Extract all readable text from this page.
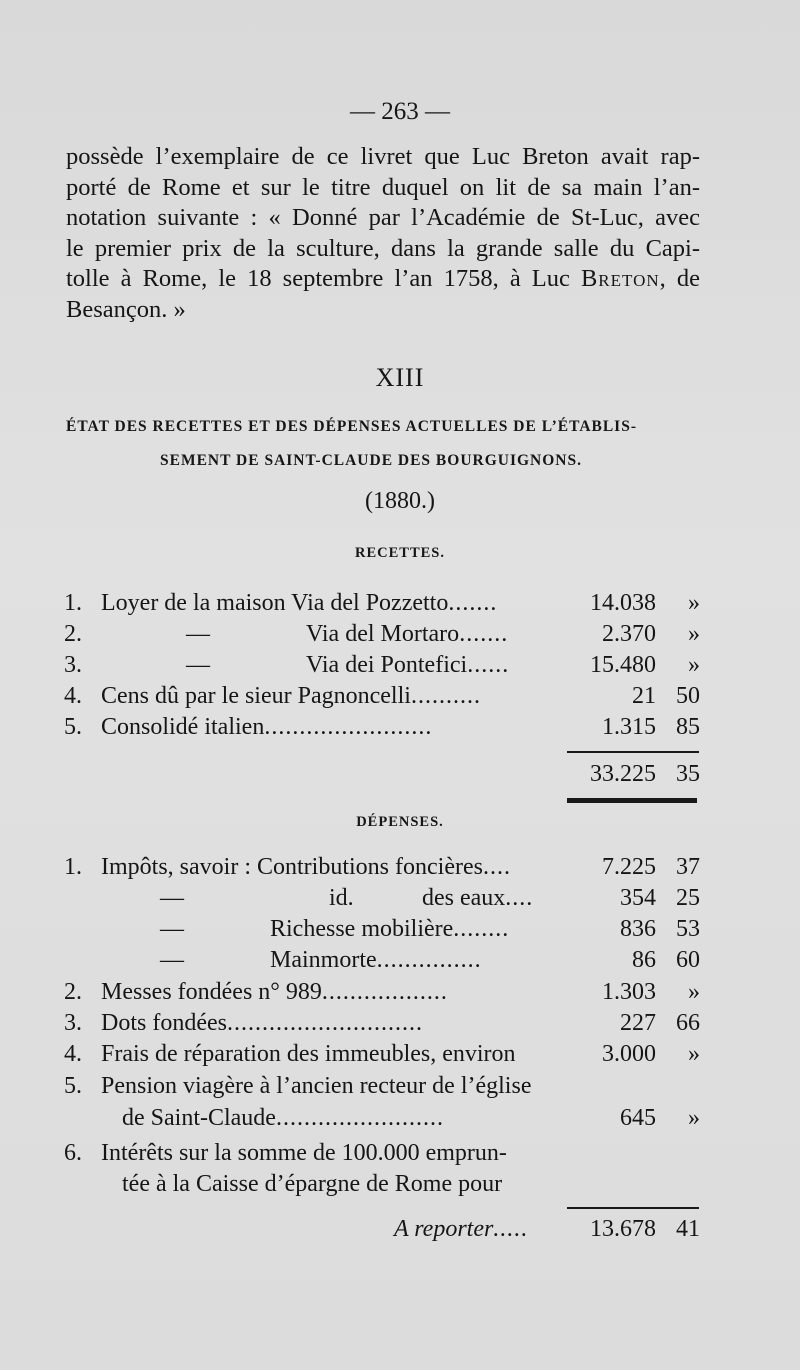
— 263 —
possède l’exemplaire de ce livret que Luc Breton avait rap-
porté de Rome et sur le titre duquel on lit de sa main l’an-
notation suivante : « Donné par l’Académie de St-Luc, avec
le premier prix de la sculture, dans la grande salle du Capi-
tolle à Rome, le 18 septembre l’an 1758, à Luc Breton, de
Besançon. »
XIII
ÉTAT DES RECETTES ET DES DÉPENSES ACTUELLES DE L’ÉTABLIS-
SEMENT DE SAINT-CLAUDE DES BOURGUIGNONS.
(1880.)
RECETTES.
1. Loyer de la maison Via del Pozzetto.......	14.038 »
2.	—	Via del Mortaro.......	2.370 »
3.	—	Via dei Pontefici......	15.480 »
4. Cens dû par le sieur Pagnoncelli..........	21 50
5. Consolidé italien........................	1.315 85
33.225 35
DÉPENSES.
1. Impôts, savoir : Contributions foncières....	7.225 37
—	id.	des eaux....	354 25
—	Richesse mobilière........	836 53
—	Mainmorte...............	86 60
2. Messes fondées n° 989..................	1.303 »
3. Dots fondées............................	227 66
4. Frais de réparation des immeubles, environ	3.000 »
5. Pension viagère à l’ancien recteur de l’église
de Saint-Claude........................	645 »
6. Intérêts sur la somme de 100.000 emprun-
tée à la Caisse d’épargne de Rome pour
A reporter.....	13.678 41
